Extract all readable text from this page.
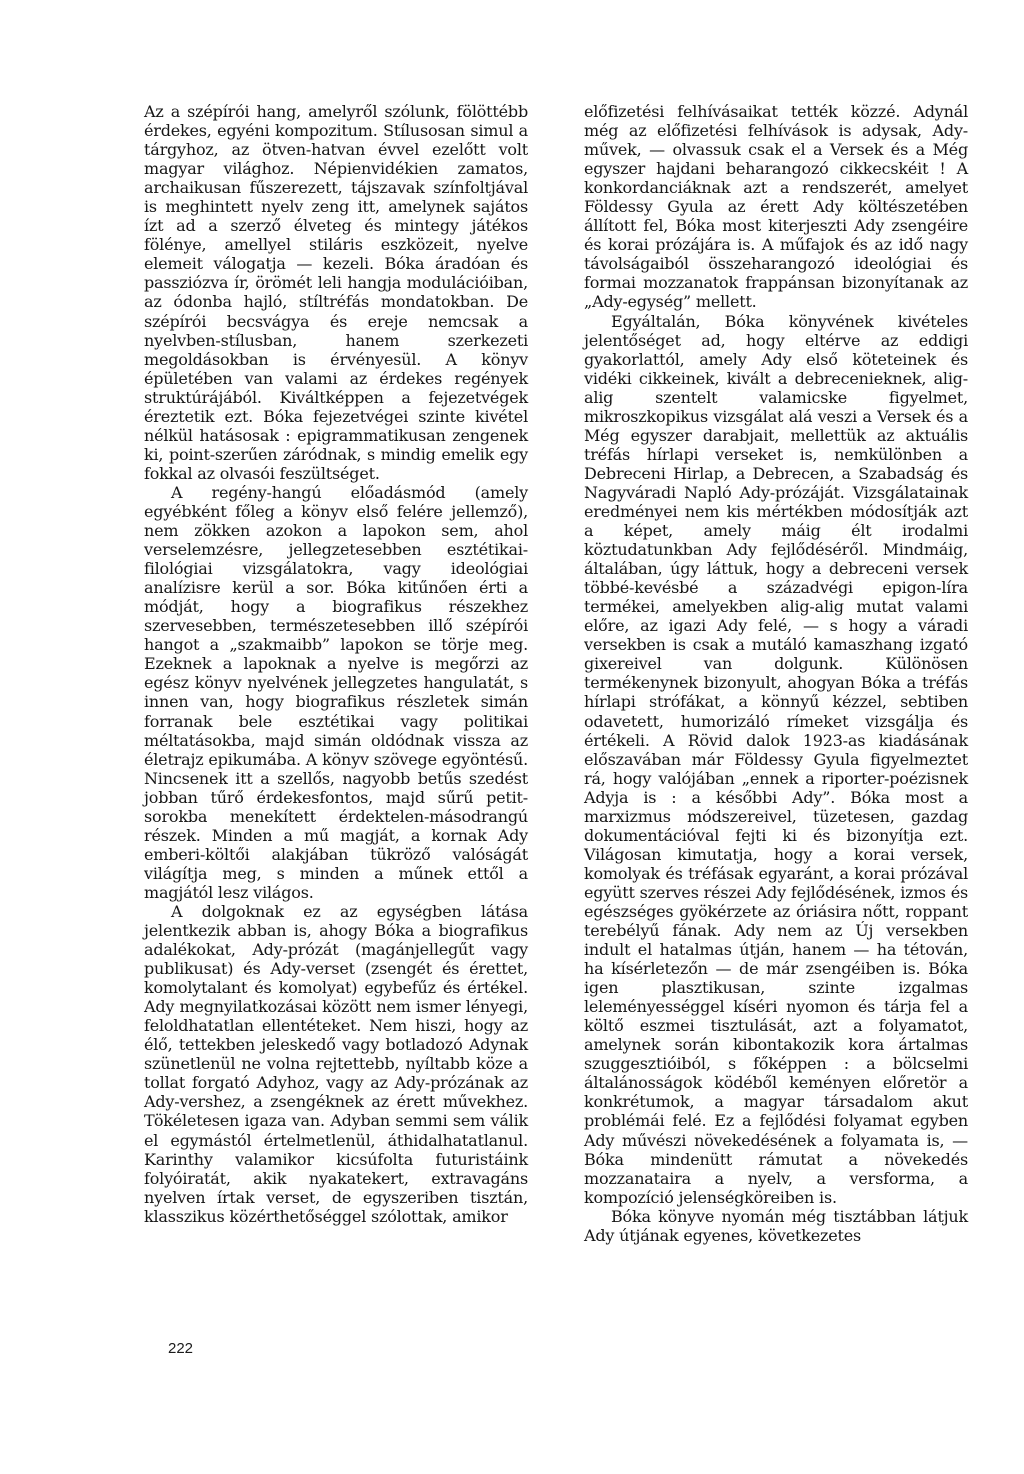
Az a szépírói hang, amelyről szólunk, fölöttébb érdekes, egyéni kompozitum. Stílusosan simul a tárgyhoz, az ötven-hatvan évvel ezelőtt volt magyar világhoz. Népienvidékien zamatos, archaikusan fűszerezett, tájszavak színfoltjával is meghintett nyelv zeng itt, amelynek sajátos ízt ad a szerző élveteg és mintegy játékos fölénye, amellyel stiláris eszközeit, nyelve elemeit válogatja — kezeli. Bóka áradóan és passziózva ír, örömét leli hangja modulációiban, az ódonba hajló, stíltréfás mondatokban. De szépírói becsvágya és ereje nemcsak a nyelvben-stílusban, hanem szerkezeti megoldásokban is érvényesül. A könyv épületében van valami az érdekes regények struktúrájából. Kiváltképpen a fejezetvégek éreztetik ezt. Bóka fejezetvégei szinte kivétel nélkül hatásosak : epigrammatikusan zengenek ki, point-szerűen záródnak, s mindig emelik egy fokkal az olvasói feszültséget.

A regény-hangú előadásmód (amely egyébként főleg a könyv első felére jellemző), nem zökken azokon a lapokon sem, ahol verselemzésre, jellegzetesebben esztétikai-filológiai vizsgálatokra, vagy ideológiai analízisre kerül a sor. Bóka kitűnően érti a módját, hogy a biografikus részekhez szervesebben, természetesebben illő szépírói hangot a „szakmaibb” lapokon se törje meg. Ezeknek a lapoknak a nyelve is megőrzi az egész könyv nyelvének jellegzetes hangulatát, s innen van, hogy biografikus részletek simán forranak bele esztétikai vagy politikai méltatásokba, majd simán oldódnak vissza az életrajz epikumába. A könyv szövege egyöntésű. Nincsenek itt a szellős, nagyobb betűs szedést jobban tűrő érdekesfontos, majd sűrű petit-sorokba menekített érdektelen-másodrangú részek. Minden a mű magját, a kornak Ady emberi-költői alakjában tükröző valóságát világítja meg, s minden a műnek ettől a magjától lesz világos.

A dolgoknak ez az egységben látása jelentkezik abban is, ahogy Bóka a biografikus adalékokat, Ady-prózát (magánjellegűt vagy publikusat) és Ady-verset (zsengét és érettet, komolytalant és komolyat) egybefűz és értékel. Ady megnyilatkozásai között nem ismer lényegi, feloldhatatlan ellentéteket. Nem hiszi, hogy az élő, tettekben jeleskedő vagy botladozó Adynak szünetlenül ne volna rejtettebb, nyíltabb köze a tollat forgató Adyhoz, vagy az Ady-prózának az Ady-vershez, a zsengéknek az érett művekhez. Tökéletesen igaza van. Adyban semmi sem válik el egymástól értelmetlenül, áthidalhatatlanul. Karinthy valamikor kicsúfolta futuristáink folyóiratát, akik nyakatekert, extravagáns nyelven írtak verset, de egyszeriben tisztán, klasszikus közérthetőséggel szólottak, amikor

előfizetési felhívásaikat tették közzé. Adynál még az előfizetési felhívások is adysak, Ady-művek, — olvassuk csak el a Versek és a Még egyszer hajdani beharangozó cikkecskéit ! A konkordanciáknak azt a rendszerét, amelyet Földessy Gyula az érett Ady költészetében állított fel, Bóka most kiterjeszti Ady zsengéire és korai prózájára is. A műfajok és az idő nagy távolságaiból összeharangozó ideológiai és formai mozzanatok frappánsan bizonyítanak az „Ady-egység” mellett.

Egyáltalán, Bóka könyvének kivételes jelentőséget ad, hogy eltérve az eddigi gyakorlattól, amely Ady első köteteinek és vidéki cikkeinek, kivált a debrecenieknek, alig-alig szentelt valamicske figyelmet, mikroszkopikus vizsgálat alá veszi a Versek és a Még egyszer darabjait, mellettük az aktuális tréfás hírlapi verseket is, nemkülönben a Debreceni Hirlap, a Debrecen, a Szabadság és Nagyváradi Napló Ady-prózáját. Vizsgálatainak eredményei nem kis mértékben módosítják azt a képet, amely máig élt irodalmi köztudatunkban Ady fejlődéséről. Mindmáig, általában, úgy láttuk, hogy a debreceni versek többé-kevésbé a századvégi epigon-líra termékei, amelyekben alig-alig mutat valami előre, az igazi Ady felé, — s hogy a váradi versekben is csak a mutáló kamaszhang izgató gixereivel van dolgunk. Különösen termékenynek bizonyult, ahogyan Bóka a tréfás hírlapi strófákat, a könnyű kézzel, sebtiben odavetett, humorizáló rímeket vizsgálja és értékeli. A Rövid dalok 1923-as kiadásának előszavában már Földessy Gyula figyelmeztet rá, hogy valójában „ennek a riporter-poézisnek Adyja is : a későbbi Ady”. Bóka most a marxizmus módszereivel, tüzetesen, gazdag dokumentációval fejti ki és bizonyítja ezt. Világosan kimutatja, hogy a korai versek, komolyak és tréfásak egyaránt, a korai prózával együtt szerves részei Ady fejlődésének, izmos és egészséges gyökérzete az óriásira nőtt, roppant terebélyű fának. Ady nem az Új versekben indult el hatalmas útján, hanem — ha tétován, ha kísérletezőn — de már zsengéiben is. Bóka igen plasztikusan, szinte izgalmas leleményességgel kíséri nyomon és tárja fel a költő eszmei tisztulását, azt a folyamatot, amelynek során kibontakozik kora ártalmas szuggesztióiból, s főképpen : a bölcselmi általánosságok ködéből keményen előretör a konkrétumok, a magyar társadalom akut problémái felé. Ez a fejlődési folyamat egyben Ady művészi növekedésének a folyamata is, — Bóka mindenütt rámutat a növekedés mozzanataira a nyelv, a versforma, a kompozíció jelenségköreiben is.

Bóka könyve nyomán még tisztábban látjuk Ady útjának egyenes, következetes

222
